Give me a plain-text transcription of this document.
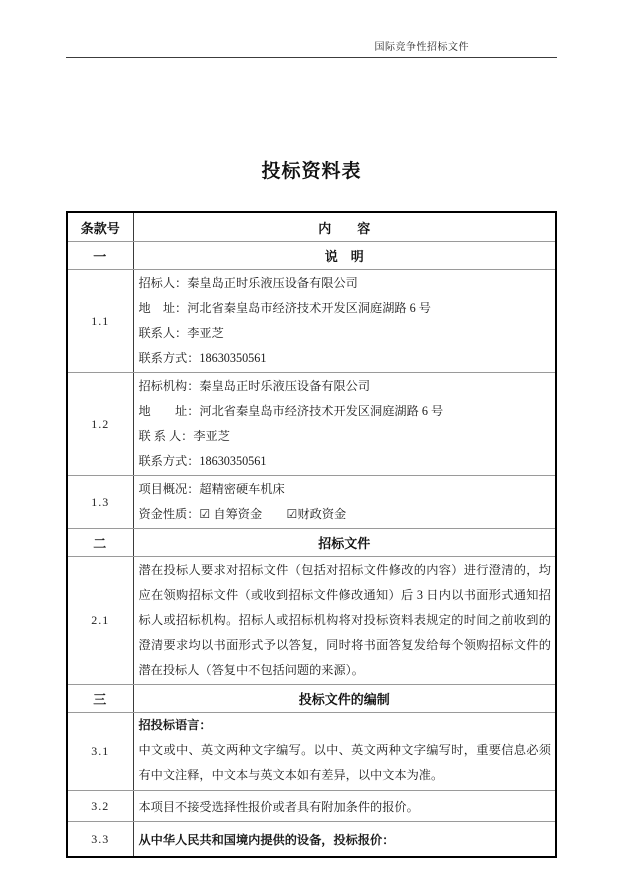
国际竞争性招标文件
投标资料表
条款号	内　　容
一	说　明
1.1	招标人：秦皇岛正时乐液压设备有限公司
地　址：河北省秦皇岛市经济技术开发区洞庭湖路 6 号
联系人：李亚芝
联系方式：18630350561

1.2	招标机构：秦皇岛正时乐液压设备有限公司
地　　址：河北省秦皇岛市经济技术开发区洞庭湖路 6 号
联 系 人：李亚芝
联系方式：18630350561

1.3	项目概况：超精密硬车机床
资金性质：☑ 自筹资金　　☑财政资金

二	招标文件
2.1	潜在投标人要求对招标文件（包括对招标文件修改的内容）进行澄清的，均应在领购招标文件（或收到招标文件修改通知）后 3 日内以书面形式通知招标人或招标机构。招标人或招标机构将对投标资料表规定的时间之前收到的澄清要求均以书面形式予以答复，同时将书面答复发给每个领购招标文件的潜在投标人（答复中不包括问题的来源）。

三	投标文件的编制
3.1	招投标语言：
中文或中、英文两种文字编写。以中、英文两种文字编写时，重要信息必须有中文注释，中文本与英文本如有差异，以中文本为准。

3.2	本项目不接受选择性报价或者具有附加条件的报价。
3.3	从中华人民共和国境内提供的设备，投标报价：
